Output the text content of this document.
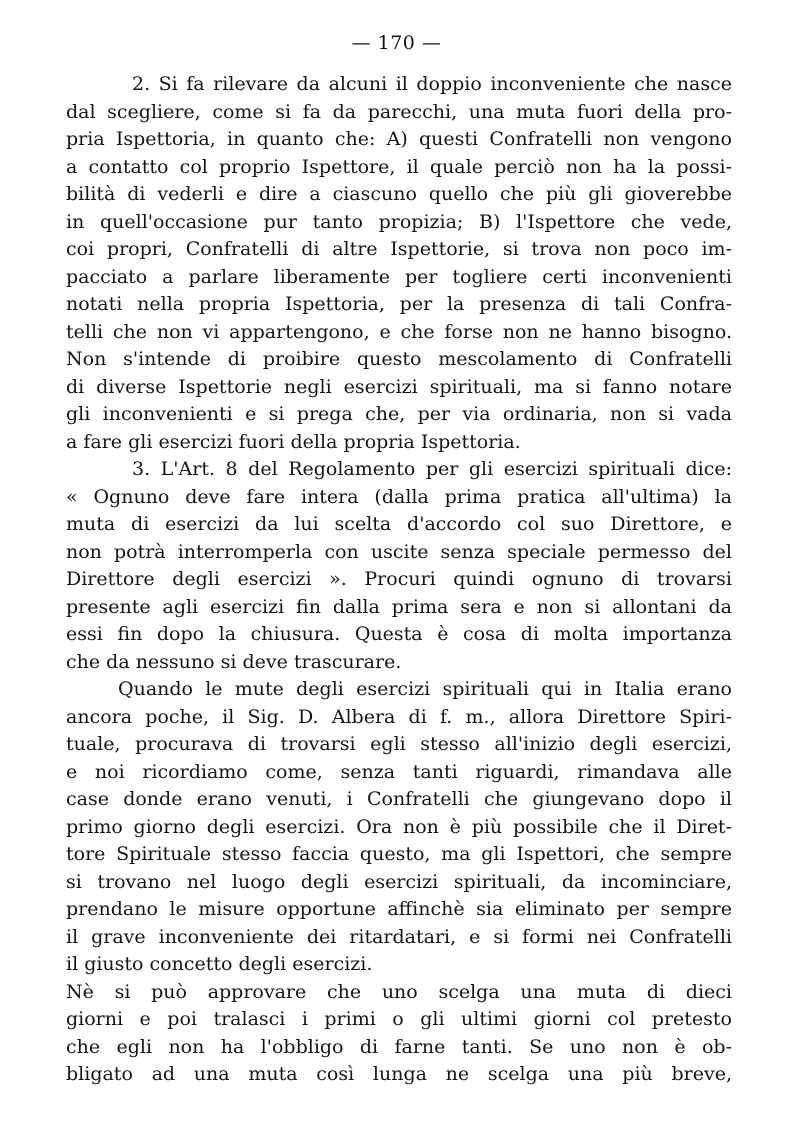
— 170 —
2. Si fa rilevare da alcuni il doppio inconveniente che nasce
dal scegliere, come si fa da parecchi, una muta fuori della pro-
pria Ispettoria, in quanto che: A) questi Confratelli non vengono
a contatto col proprio Ispettore, il quale perciò non ha la possi-
bilità di vederli e dire a ciascuno quello che più gli gioverebbe
in quell'occasione pur tanto propizia; B) l'Ispettore che vede,
coi propri, Confratelli di altre Ispettorie, si trova non poco im-
pacciato a parlare liberamente per togliere certi inconvenienti
notati nella propria Ispettoria, per la presenza di tali Confra-
telli che non vi appartengono, e che forse non ne hanno bisogno.
Non s'intende di proibire questo mescolamento di Confratelli
di diverse Ispettorie negli esercizi spirituali, ma si fanno notare
gli inconvenienti e si prega che, per via ordinaria, non si vada
a fare gli esercizi fuori della propria Ispettoria.
3. L'Art. 8 del Regolamento per gli esercizi spirituali dice:
« Ognuno deve fare intera (dalla prima pratica all'ultima) la
muta di esercizi da lui scelta d'accordo col suo Direttore, e
non potrà interromperla con uscite senza speciale permesso del
Direttore degli esercizi ». Procuri quindi ognuno di trovarsi
presente agli esercizi fin dalla prima sera e non si allontani da
essi fin dopo la chiusura. Questa è cosa di molta importanza
che da nessuno si deve trascurare.
Quando le mute degli esercizi spirituali qui in Italia erano
ancora poche, il Sig. D. Albera di f. m., allora Direttore Spiri-
tuale, procurava di trovarsi egli stesso all'inizio degli esercizi,
e noi ricordiamo come, senza tanti riguardi, rimandava alle
case donde erano venuti, i Confratelli che giungevano dopo il
primo giorno degli esercizi. Ora non è più possibile che il Diret-
tore Spirituale stesso faccia questo, ma gli Ispettori, che sempre
si trovano nel luogo degli esercizi spirituali, da incominciare,
prendano le misure opportune affinchè sia eliminato per sempre
il grave inconveniente dei ritardatari, e si formi nei Confratelli
il giusto concetto degli esercizi.
Nè si può approvare che uno scelga una muta di dieci
giorni e poi tralasci i primi o gli ultimi giorni col pretesto
che egli non ha l'obbligo di farne tanti. Se uno non è ob-
bligato ad una muta così lunga ne scelga una più breve,
